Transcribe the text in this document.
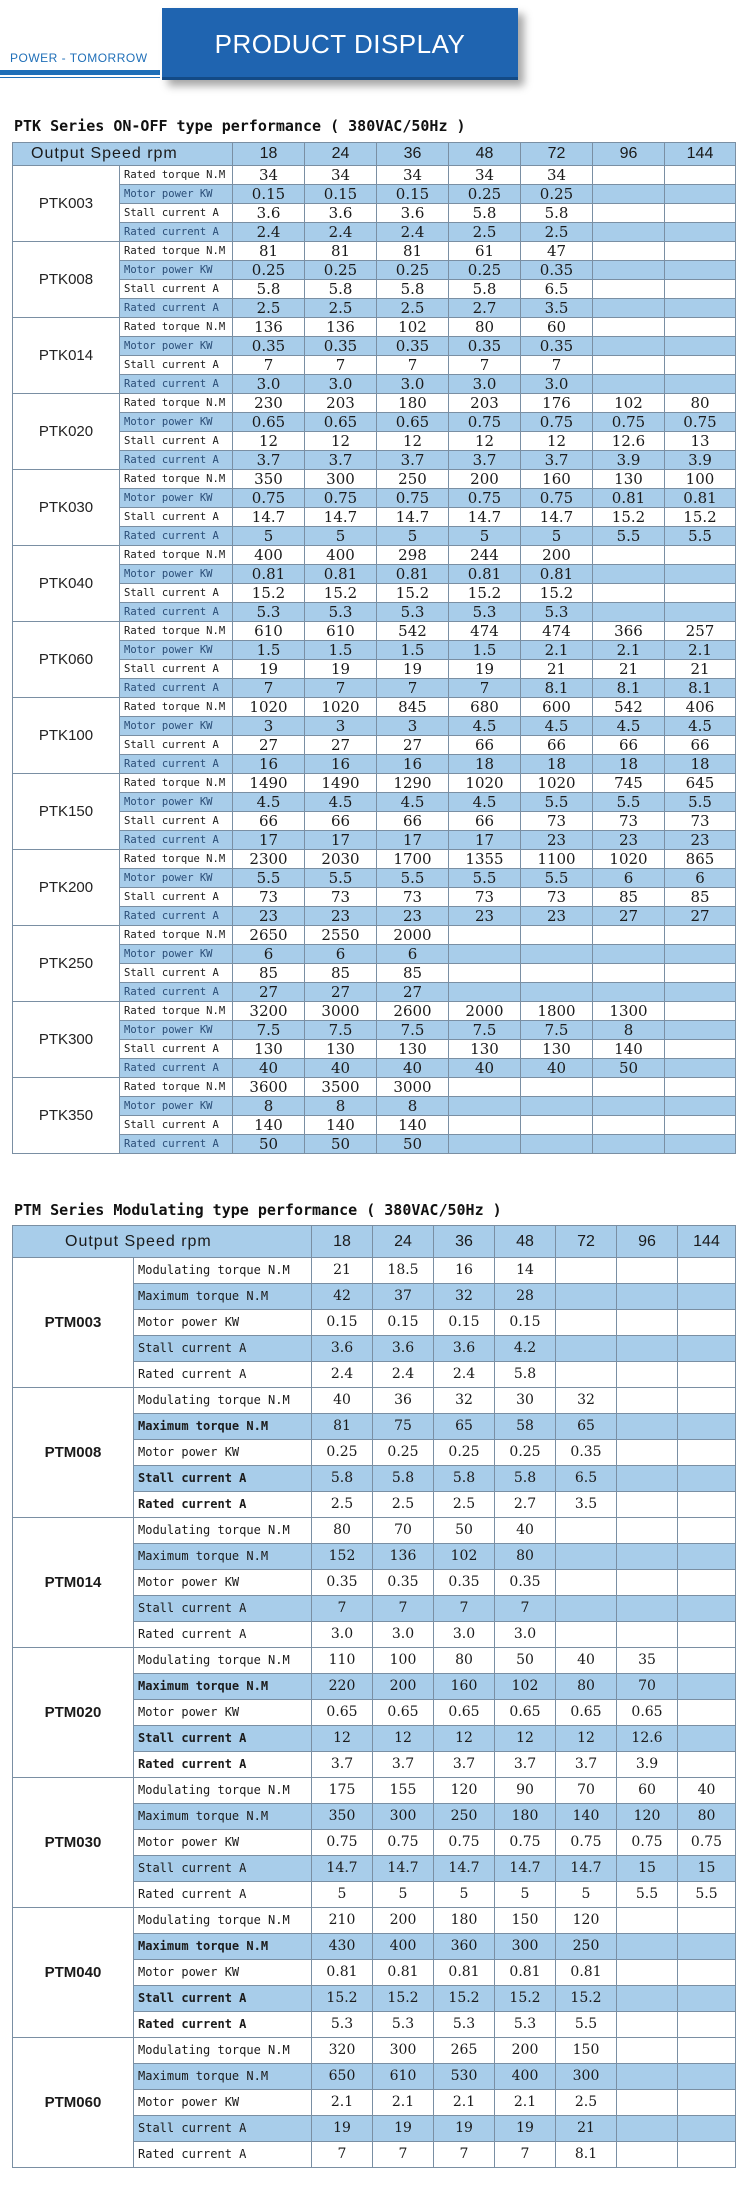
POWER - TOMORROW	PRODUCT DISPLAY
PTK Series ON-OFF type performance ( 380VAC/50Hz )
Output Speed rpm		18	24	36	48	72	96	144
PTK003	Rated torque N.M	34	34	34	34	34		
	Motor power KW	0.15	0.15	0.15	0.25	0.25		
	Stall current A	3.6	3.6	3.6	5.8	5.8		
	Rated current A	2.4	2.4	2.4	2.5	2.5		
PTK008	Rated torque N.M	81	81	81	61	47		
	Motor power KW	0.25	0.25	0.25	0.25	0.35		
	Stall current A	5.8	5.8	5.8	5.8	6.5		
	Rated current A	2.5	2.5	2.5	2.7	3.5		
PTK014	Rated torque N.M	136	136	102	80	60		
	Motor power KW	0.35	0.35	0.35	0.35	0.35		
	Stall current A	7	7	7	7	7		
	Rated current A	3.0	3.0	3.0	3.0	3.0		
PTK020	Rated torque N.M	230	203	180	203	176	102	80
	Motor power KW	0.65	0.65	0.65	0.75	0.75	0.75	0.75
	Stall current A	12	12	12	12	12	12.6	13
	Rated current A	3.7	3.7	3.7	3.7	3.7	3.9	3.9
PTK030	Rated torque N.M	350	300	250	200	160	130	100
	Motor power KW	0.75	0.75	0.75	0.75	0.75	0.81	0.81
	Stall current A	14.7	14.7	14.7	14.7	14.7	15.2	15.2
	Rated current A	5	5	5	5	5	5.5	5.5
PTK040	Rated torque N.M	400	400	298	244	200		
	Motor power KW	0.81	0.81	0.81	0.81	0.81		
	Stall current A	15.2	15.2	15.2	15.2	15.2		
	Rated current A	5.3	5.3	5.3	5.3	5.3		
PTK060	Rated torque N.M	610	610	542	474	474	366	257
	Motor power KW	1.5	1.5	1.5	1.5	2.1	2.1	2.1
	Stall current A	19	19	19	19	21	21	21
	Rated current A	7	7	7	7	8.1	8.1	8.1
PTK100	Rated torque N.M	1020	1020	845	680	600	542	406
	Motor power KW	3	3	3	4.5	4.5	4.5	4.5
	Stall current A	27	27	27	66	66	66	66
	Rated current A	16	16	16	18	18	18	18
PTK150	Rated torque N.M	1490	1490	1290	1020	1020	745	645
	Motor power KW	4.5	4.5	4.5	4.5	5.5	5.5	5.5
	Stall current A	66	66	66	66	73	73	73
	Rated current A	17	17	17	17	23	23	23
PTK200	Rated torque N.M	2300	2030	1700	1355	1100	1020	865
	Motor power KW	5.5	5.5	5.5	5.5	5.5	6	6
	Stall current A	73	73	73	73	73	85	85
	Rated current A	23	23	23	23	23	27	27
PTK250	Rated torque N.M	2650	2550	2000				
	Motor power KW	6	6	6				
	Stall current A	85	85	85				
	Rated current A	27	27	27				
PTK300	Rated torque N.M	3200	3000	2600	2000	1800	1300	
	Motor power KW	7.5	7.5	7.5	7.5	7.5	8	
	Stall current A	130	130	130	130	130	140	
	Rated current A	40	40	40	40	40	50	
PTK350	Rated torque N.M	3600	3500	3000				
	Motor power KW	8	8	8				
	Stall current A	140	140	140				
	Rated current A	50	50	50				
PTM Series Modulating type performance ( 380VAC/50Hz )
Output Speed rpm		18	24	36	48	72	96	144
PTM003	Modulating torque N.M	21	18.5	16	14			
	Maximum torque N.M	42	37	32	28			
	Motor power KW	0.15	0.15	0.15	0.15			
	Stall current A	3.6	3.6	3.6	4.2			
	Rated current A	2.4	2.4	2.4	5.8			
PTM008	Modulating torque N.M	40	36	32	30	32		
	Maximum torque N.M	81	75	65	58	65		
	Motor power KW	0.25	0.25	0.25	0.25	0.35		
	Stall current A	5.8	5.8	5.8	5.8	6.5		
	Rated current A	2.5	2.5	2.5	2.7	3.5		
PTM014	Modulating torque N.M	80	70	50	40			
	Maximum torque N.M	152	136	102	80			
	Motor power KW	0.35	0.35	0.35	0.35			
	Stall current A	7	7	7	7			
	Rated current A	3.0	3.0	3.0	3.0			
PTM020	Modulating torque N.M	110	100	80	50	40	35	
	Maximum torque N.M	220	200	160	102	80	70	
	Motor power KW	0.65	0.65	0.65	0.65	0.65	0.65	
	Stall current A	12	12	12	12	12	12.6	
	Rated current A	3.7	3.7	3.7	3.7	3.7	3.9	
PTM030	Modulating torque N.M	175	155	120	90	70	60	40
	Maximum torque N.M	350	300	250	180	140	120	80
	Motor power KW	0.75	0.75	0.75	0.75	0.75	0.75	0.75
	Stall current A	14.7	14.7	14.7	14.7	14.7	15	15
	Rated current A	5	5	5	5	5	5.5	5.5
PTM040	Modulating torque N.M	210	200	180	150	120		
	Maximum torque N.M	430	400	360	300	250		
	Motor power KW	0.81	0.81	0.81	0.81	0.81		
	Stall current A	15.2	15.2	15.2	15.2	15.2		
	Rated current A	5.3	5.3	5.3	5.3	5.5		
PTM060	Modulating torque N.M	320	300	265	200	150		
	Maximum torque N.M	650	610	530	400	300		
	Motor power KW	2.1	2.1	2.1	2.1	2.5		
	Stall current A	19	19	19	19	21		
	Rated current A	7	7	7	7	8.1		
